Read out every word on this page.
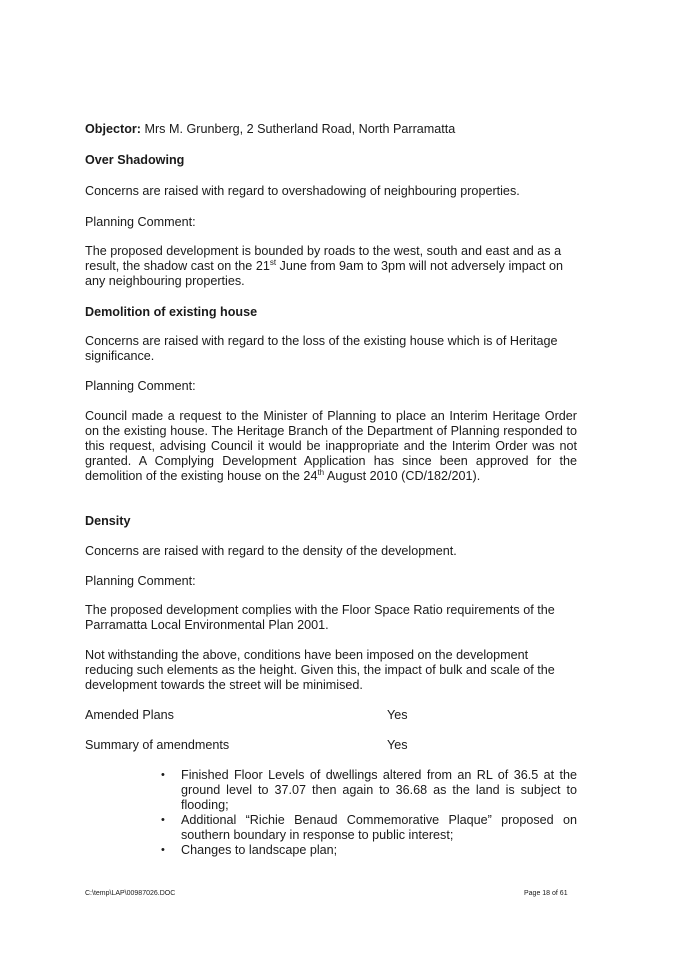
Objector: Mrs M. Grunberg, 2 Sutherland Road, North Parramatta

Over Shadowing

Concerns are raised with regard to overshadowing of neighbouring properties.

Planning Comment:

The proposed development is bounded by roads to the west, south and east and as a result, the shadow cast on the 21st June from 9am to 3pm will not adversely impact on any neighbouring properties.

Demolition of existing house

Concerns are raised with regard to the loss of the existing house which is of Heritage significance.

Planning Comment:

Council made a request to the Minister of Planning to place an Interim Heritage Order on the existing house. The Heritage Branch of the Department of Planning responded to this request, advising Council it would be inappropriate and the Interim Order was not granted. A Complying Development Application has since been approved for the demolition of the existing house on the 24th August 2010 (CD/182/201).

Density

Concerns are raised with regard to the density of the development.

Planning Comment:

The proposed development complies with the Floor Space Ratio requirements of the Parramatta Local Environmental Plan 2001.

Not withstanding the above, conditions have been imposed on the development reducing such elements as the height. Given this, the impact of bulk and scale of the development towards the street will be minimised.

Amended Plans	Yes
Summary of amendments	Yes
• Finished Floor Levels of dwellings altered from an RL of 36.5 at the ground level to 37.07 then again to 36.68 as the land is subject to flooding;
• Additional “Richie Benaud Commemorative Plaque” proposed on southern boundary in response to public interest;
• Changes to landscape plan;
C:\temp\LAP\00987026.DOC	Page 18 of 61
